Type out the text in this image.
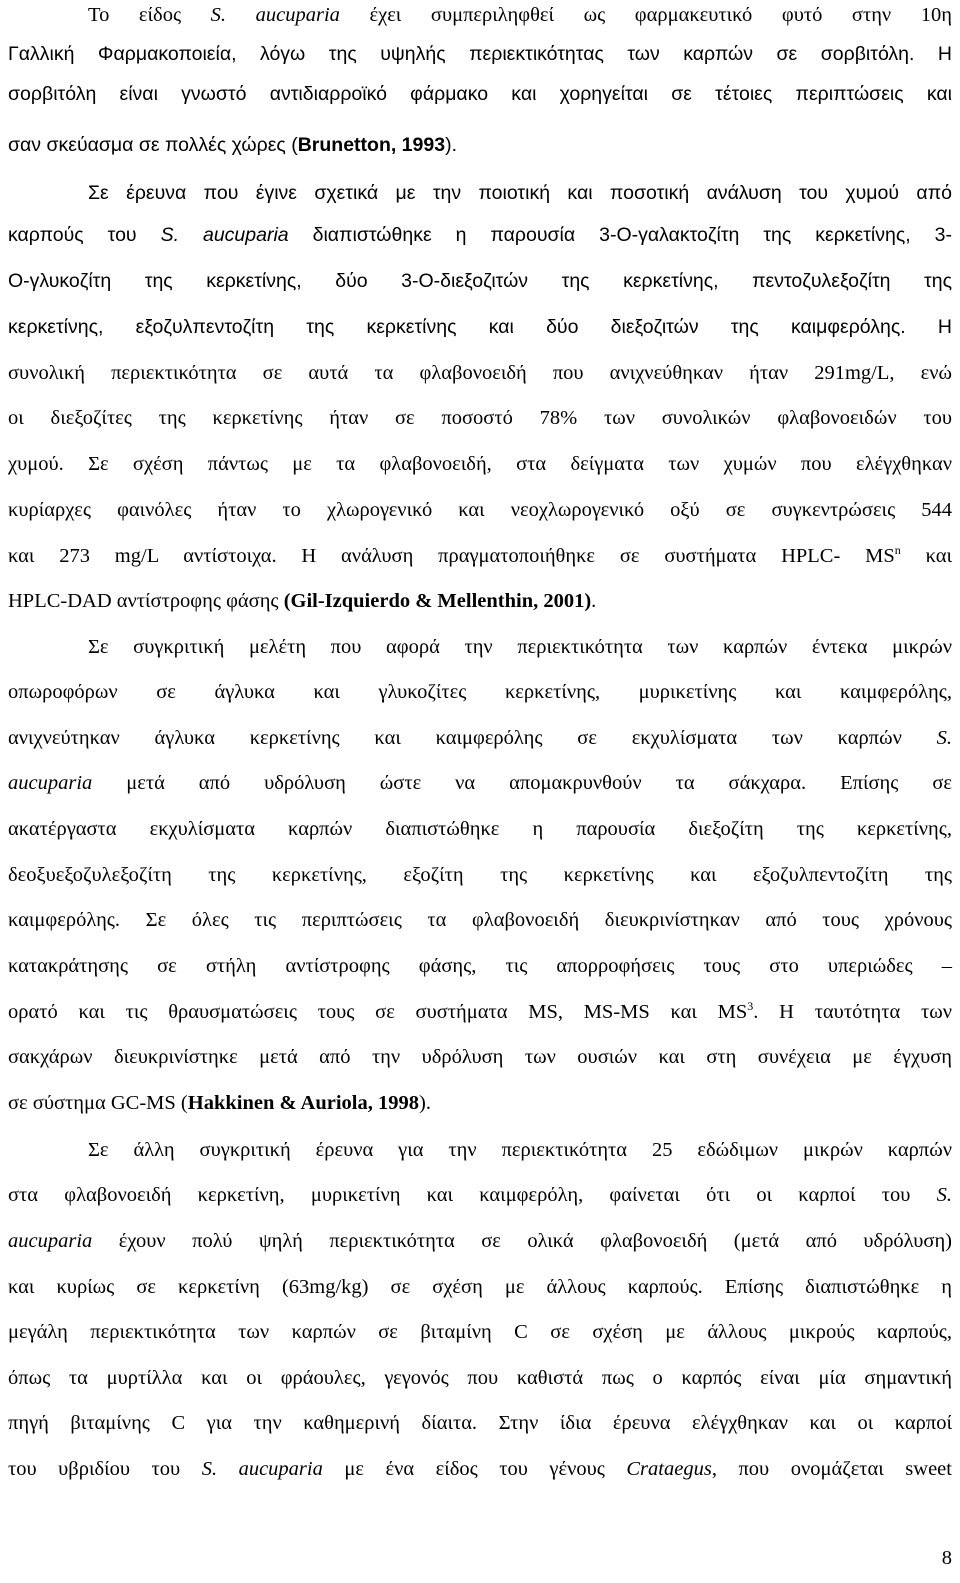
Το είδος S. aucuparia έχει συμπεριληφθεί ως φαρμακευτικό φυτό στην 10η
Γαλλική Φαρμακοποιεία, λόγω της υψηλής περιεκτικότητας των καρπών σε σορβιτόλη. Η
σορβιτόλη είναι γνωστό αντιδιαρροϊκό φάρμακο και χορηγείται σε τέτοιες περιπτώσεις και
σαν σκεύασμα σε πολλές χώρες (Brunetton, 1993).
Σε έρευνα που έγινε σχετικά με την ποιοτική και ποσοτική ανάλυση του χυμού από
καρπούς του S. aucuparia διαπιστώθηκε η παρουσία 3-Ο-γαλακτοζίτη της κερκετίνης, 3-
Ο-γλυκοζίτη της κερκετίνης, δύο 3-Ο-διεξοζιτών της κερκετίνης, πεντοζυλεξοζίτη της
κερκετίνης, εξοζυλπεντοζίτη της κερκετίνης και δύο διεξοζιτών της καιμφερόλης. Η
συνολική περιεκτικότητα σε αυτά τα φλαβονοειδή που ανιχνεύθηκαν ήταν 291mg/L, ενώ
οι διεξοζίτες της κερκετίνης ήταν σε ποσοστό 78% των συνολικών φλαβονοειδών του
χυμού. Σε σχέση πάντως με τα φλαβονοειδή, στα δείγματα των χυμών που ελέγχθηκαν
κυρίαρχες φαινόλες ήταν το χλωρογενικό και νεοχλωρογενικό οξύ σε συγκεντρώσεις 544
και 273 mg/L αντίστοιχα. Η ανάλυση πραγματοποιήθηκε σε συστήματα HPLC- $MS^n$ και
HPLC-DAD αντίστροφης φάσης (Gil-Izquierdo & Mellenthin, 2001).
Σε συγκριτική μελέτη που αφορά την περιεκτικότητα των καρπών έντεκα μικρών
οπωροφόρων σε άγλυκα και γλυκοζίτες κερκετίνης, μυρικετίνης και καιμφερόλης,
ανιχνεύτηκαν άγλυκα κερκετίνης και καιμφερόλης σε εκχυλίσματα των καρπών S.
aucuparia μετά από υδρόλυση ώστε να απομακρυνθούν τα σάκχαρα. Επίσης σε
ακατέργαστα εκχυλίσματα καρπών διαπιστώθηκε η παρουσία διεξοζίτη της κερκετίνης,
δεοξυεξοζυλεξοζίτη της κερκετίνης, εξοζίτη της κερκετίνης και εξοζυλπεντοζίτη της
καιμφερόλης. Σε όλες τις περιπτώσεις τα φλαβονοειδή διευκρινίστηκαν από τους χρόνους
κατακράτησης σε στήλη αντίστροφης φάσης, τις απορροφήσεις τους στο υπεριώδες –
ορατό και τις θραυσματώσεις τους σε συστήματα MS, MS-MS και $MS^3$. Η ταυτότητα των
σακχάρων διευκρινίστηκε μετά από την υδρόλυση των ουσιών και στη συνέχεια με έγχυση
σε σύστημα GC-MS (Hakkinen & Auriola, 1998).
Σε άλλη συγκριτική έρευνα για την περιεκτικότητα 25 εδώδιμων μικρών καρπών
στα φλαβονοειδή κερκετίνη, μυρικετίνη και καιμφερόλη, φαίνεται ότι οι καρποί του S.
aucuparia έχουν πολύ ψηλή περιεκτικότητα σε ολικά φλαβονοειδή (μετά από υδρόλυση)
και κυρίως σε κερκετίνη (63mg/kg) σε σχέση με άλλους καρπούς. Επίσης διαπιστώθηκε η
μεγάλη περιεκτικότητα των καρπών σε βιταμίνη C σε σχέση με άλλους μικρούς καρπούς,
όπως τα μυρτίλλα και οι φράουλες, γεγονός που καθιστά πως ο καρπός είναι μία σημαντική
πηγή βιταμίνης C για την καθημερινή δίαιτα. Στην ίδια έρευνα ελέγχθηκαν και οι καρποί
του υβριδίου του S. aucuparia με ένα είδος του γένους Crataegus, που ονομάζεται sweet
8
